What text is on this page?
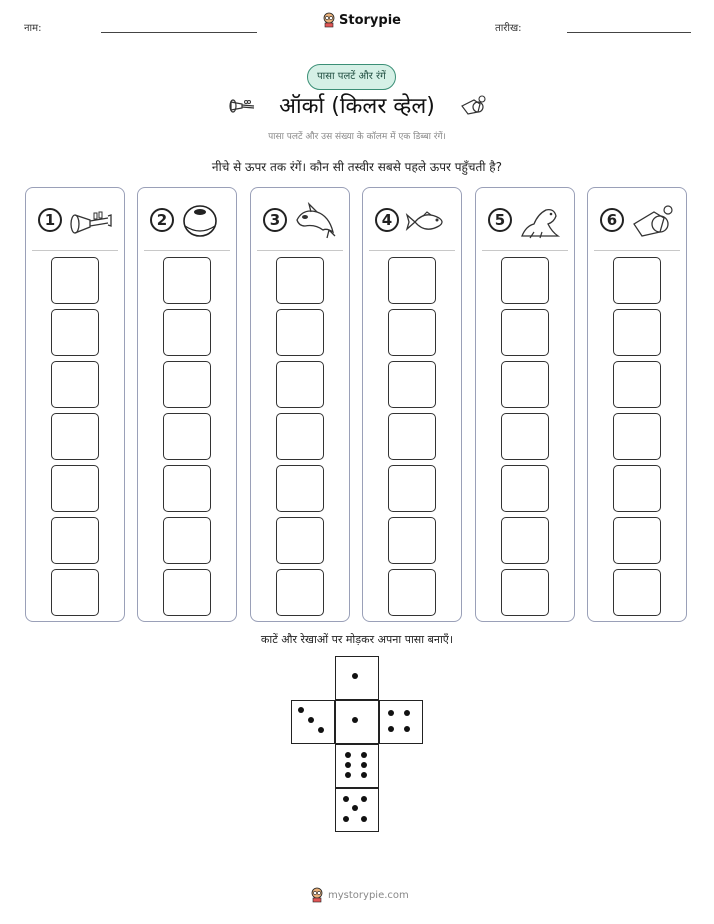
नाम:
Storypie
तारीख:
पासा पलटें और रंगें
ऑर्का (किलर व्हेल)
पासा पलटें और उस संख्या के कॉलम में एक डिब्बा रंगें।
नीचे से ऊपर तक रंगें। कौन सी तस्वीर सबसे पहले ऊपर पहुँचती है?
1	2	3	4	5	6
काटें और रेखाओं पर मोड़कर अपना पासा बनाएँ।
mystorypie.com
